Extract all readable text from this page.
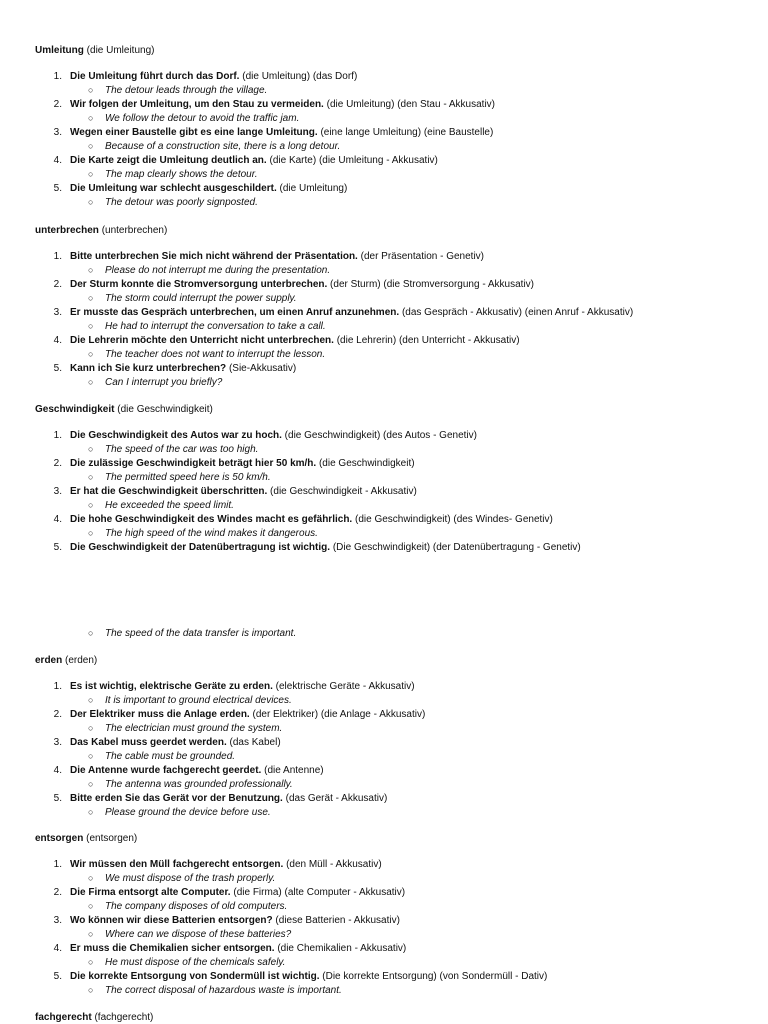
Umleitung (die Umleitung)
1. Die Umleitung führt durch das Dorf. (die Umleitung) (das Dorf)
○ The detour leads through the village.
2. Wir folgen der Umleitung, um den Stau zu vermeiden. (die Umleitung) (den Stau - Akkusativ)
○ We follow the detour to avoid the traffic jam.
3. Wegen einer Baustelle gibt es eine lange Umleitung. (eine lange Umleitung) (eine Baustelle)
○ Because of a construction site, there is a long detour.
4. Die Karte zeigt die Umleitung deutlich an. (die Karte) (die Umleitung - Akkusativ)
○ The map clearly shows the detour.
5. Die Umleitung war schlecht ausgeschildert. (die Umleitung)
○ The detour was poorly signposted.
unterbrechen (unterbrechen)
1. Bitte unterbrechen Sie mich nicht während der Präsentation. (der Präsentation - Genetiv)
○ Please do not interrupt me during the presentation.
2. Der Sturm konnte die Stromversorgung unterbrechen. (der Sturm) (die Stromversorgung - Akkusativ)
○ The storm could interrupt the power supply.
3. Er musste das Gespräch unterbrechen, um einen Anruf anzunehmen. (das Gespräch - Akkusativ) (einen Anruf - Akkusativ)
○ He had to interrupt the conversation to take a call.
4. Die Lehrerin möchte den Unterricht nicht unterbrechen. (die Lehrerin) (den Unterricht - Akkusativ)
○ The teacher does not want to interrupt the lesson.
5. Kann ich Sie kurz unterbrechen? (Sie-Akkusativ)
○ Can I interrupt you briefly?
Geschwindigkeit (die Geschwindigkeit)
1. Die Geschwindigkeit des Autos war zu hoch. (die Geschwindigkeit) (des Autos - Genetiv)
○ The speed of the car was too high.
2. Die zulässige Geschwindigkeit beträgt hier 50 km/h. (die Geschwindigkeit)
○ The permitted speed here is 50 km/h.
3. Er hat die Geschwindigkeit überschritten. (die Geschwindigkeit - Akkusativ)
○ He exceeded the speed limit.
4. Die hohe Geschwindigkeit des Windes macht es gefährlich. (die Geschwindigkeit) (des Windes- Genetiv)
○ The high speed of the wind makes it dangerous.
5. Die Geschwindigkeit der Datenübertragung ist wichtig. (Die Geschwindigkeit) (der Datenübertragung - Genetiv)
○ The speed of the data transfer is important.
erden (erden)
1. Es ist wichtig, elektrische Geräte zu erden. (elektrische Geräte - Akkusativ)
○ It is important to ground electrical devices.
2. Der Elektriker muss die Anlage erden. (der Elektriker) (die Anlage - Akkusativ)
○ The electrician must ground the system.
3. Das Kabel muss geerdet werden. (das Kabel)
○ The cable must be grounded.
4. Die Antenne wurde fachgerecht geerdet. (die Antenne)
○ The antenna was grounded professionally.
5. Bitte erden Sie das Gerät vor der Benutzung. (das Gerät - Akkusativ)
○ Please ground the device before use.
entsorgen (entsorgen)
1. Wir müssen den Müll fachgerecht entsorgen. (den Müll - Akkusativ)
○ We must dispose of the trash properly.
2. Die Firma entsorgt alte Computer. (die Firma) (alte Computer - Akkusativ)
○ The company disposes of old computers.
3. Wo können wir diese Batterien entsorgen? (diese Batterien - Akkusativ)
○ Where can we dispose of these batteries?
4. Er muss die Chemikalien sicher entsorgen. (die Chemikalien - Akkusativ)
○ He must dispose of the chemicals safely.
5. Die korrekte Entsorgung von Sondermüll ist wichtig. (Die korrekte Entsorgung) (von Sondermüll - Dativ)
○ The correct disposal of hazardous waste is important.
fachgerecht (fachgerecht)
